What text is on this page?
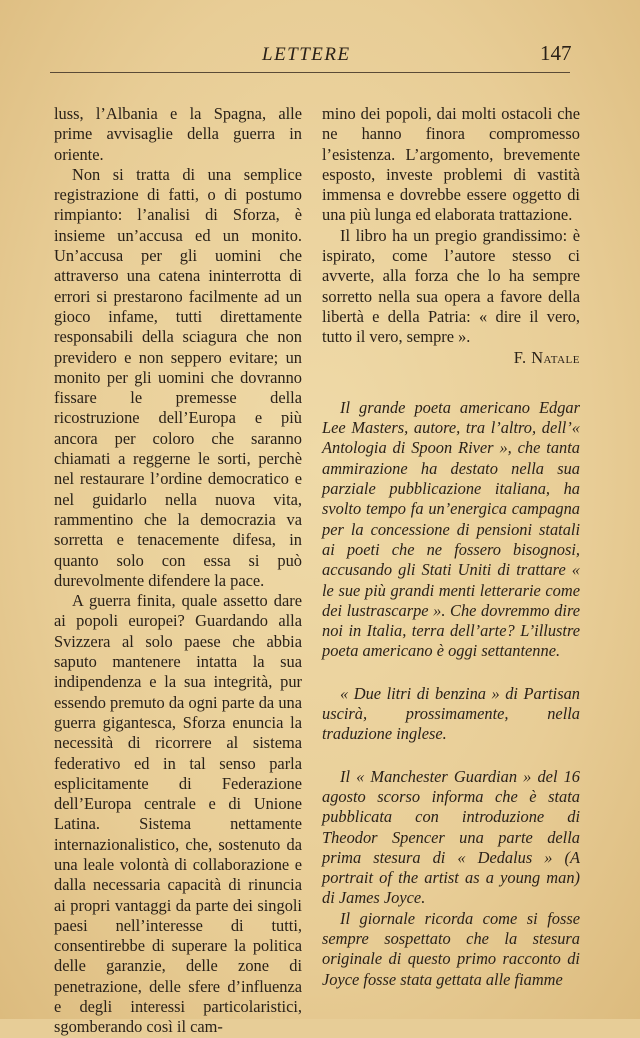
LETTERE	147

luss, l’Albania e la Spagna, alle prime avvisaglie della guerra in oriente.

Non si tratta di una semplice registrazione di fatti, o di postumo rimpianto: l’analisi di Sforza, è insieme un’accusa ed un monito. Un’accusa per gli uomini che attraverso una catena ininterrotta di errori si prestarono facilmente ad un gioco infame, tutti direttamente responsabili della sciagura che non previdero e non seppero evitare; un monito per gli uomini che dovranno fissare le premesse della ricostruzione dell’Europa e più ancora per coloro che saranno chiamati a reggerne le sorti, perchè nel restaurare l’ordine democratico e nel guidarlo nella nuova vita, rammentino che la democrazia va sorretta e tenacemente difesa, in quanto solo con essa si può durevolmente difendere la pace.

A guerra finita, quale assetto dare ai popoli europei? Guardando alla Svizzera al solo paese che abbia saputo mantenere intatta la sua indipendenza e la sua integrità, pur essendo premuto da ogni parte da una guerra gigantesca, Sforza enuncia la necessità di ricorrere al sistema federativo ed in tal senso parla esplicitamente di Federazione dell’Europa centrale e di Unione Latina. Sistema nettamente internazionalistico, che, sostenuto da una leale volontà di collaborazione e dalla necessaria capacità di rinuncia ai propri vantaggi da parte dei singoli paesi nell’interesse di tutti, consentirebbe di superare la politica delle garanzie, delle zone di penetrazione, delle sfere d’influenza e degli interessi particolaristici, sgomberando così il cam-

mino dei popoli, dai molti ostacoli che ne hanno finora compromesso l’esistenza. L’argomento, brevemente esposto, investe problemi di vastità immensa e dovrebbe essere oggetto di una più lunga ed elaborata trattazione.

Il libro ha un pregio grandissimo: è ispirato, come l’autore stesso ci avverte, alla forza che lo ha sempre sorretto nella sua opera a favore della libertà e della Patria: « dire il vero, tutto il vero, sempre ».

F. Natale

Il grande poeta americano Edgar Lee Masters, autore, tra l’altro, dell’« Antologia di Spoon River », che tanta ammirazione ha destato nella sua parziale pubblicazione italiana, ha svolto tempo fa un’energica campagna per la concessione di pensioni statali ai poeti che ne fossero bisognosi, accusando gli Stati Uniti di trattare « le sue più grandi menti letterarie come dei lustrascarpe ». Che dovremmo dire noi in Italia, terra dell’arte? L’illustre poeta americano è oggi settantenne.

« Due litri di benzina » di Partisan uscirà, prossimamente, nella traduzione inglese.

Il « Manchester Guardian » del 16 agosto scorso informa che è stata pubblicata con introduzione di Theodor Spencer una parte della prima stesura di « Dedalus » (A portrait of the artist as a young man) di James Joyce.

Il giornale ricorda come si fosse sempre sospettato che la stesura originale di questo primo racconto di Joyce fosse stata gettata alle fiamme
